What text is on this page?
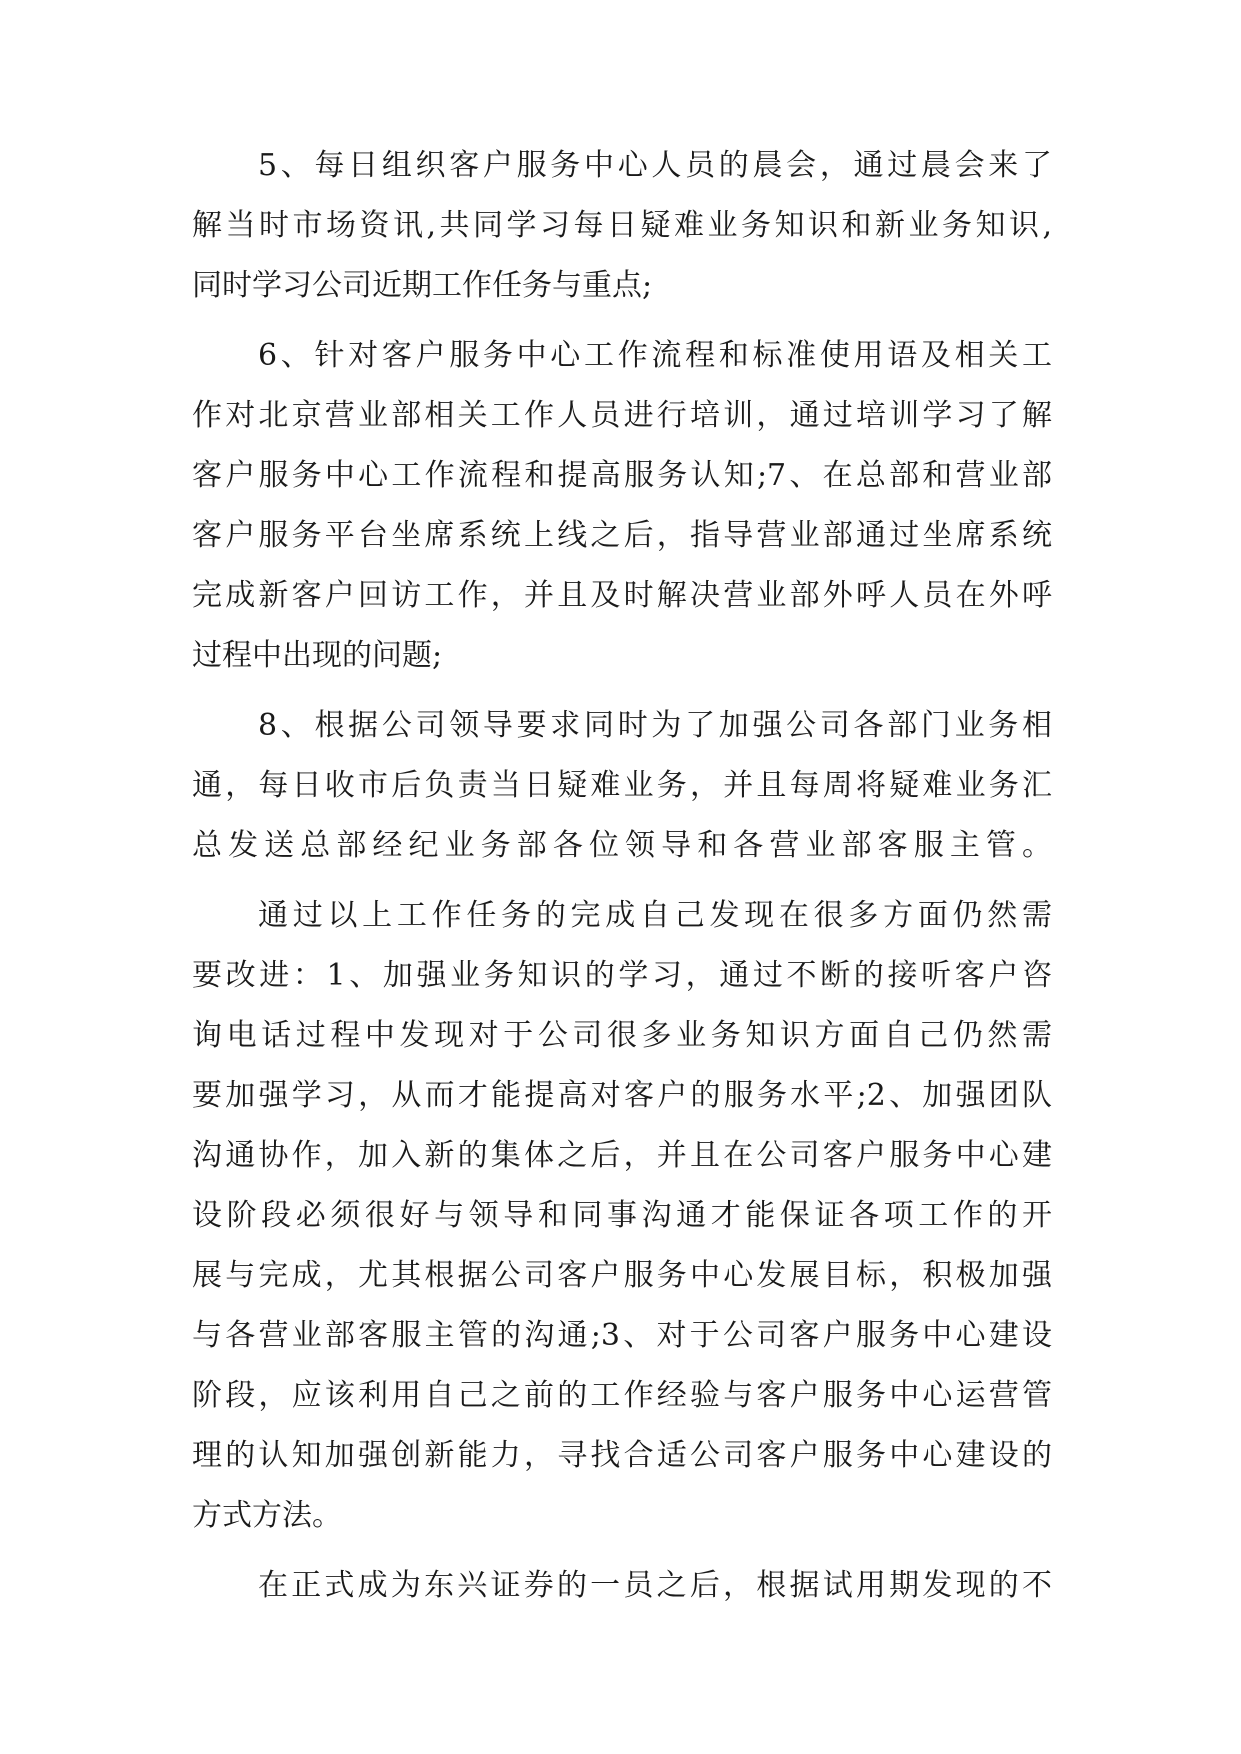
5、每日组织客户服务中心人员的晨会，通过晨会来了

解当时市场资讯,共同学习每日疑难业务知识和新业务知识,

同时学习公司近期工作任务与重点;

6、针对客户服务中心工作流程和标准使用语及相关工

作对北京营业部相关工作人员进行培训，通过培训学习了解

客户服务中心工作流程和提高服务认知;7、在总部和营业部

客户服务平台坐席系统上线之后，指导营业部通过坐席系统

完成新客户回访工作，并且及时解决营业部外呼人员在外呼

过程中出现的问题;

8、根据公司领导要求同时为了加强公司各部门业务相

通，每日收市后负责当日疑难业务，并且每周将疑难业务汇

总发送总部经纪业务部各位领导和各营业部客服主管。

通过以上工作任务的完成自己发现在很多方面仍然需

要改进：1、加强业务知识的学习，通过不断的接听客户咨

询电话过程中发现对于公司很多业务知识方面自己仍然需

要加强学习，从而才能提高对客户的服务水平;2、加强团队

沟通协作，加入新的集体之后，并且在公司客户服务中心建

设阶段必须很好与领导和同事沟通才能保证各项工作的开

展与完成，尤其根据公司客户服务中心发展目标，积极加强

与各营业部客服主管的沟通;3、对于公司客户服务中心建设

阶段，应该利用自己之前的工作经验与客户服务中心运营管

理的认知加强创新能力，寻找合适公司客户服务中心建设的

方式方法。

在正式成为东兴证券的一员之后，根据试用期发现的不
